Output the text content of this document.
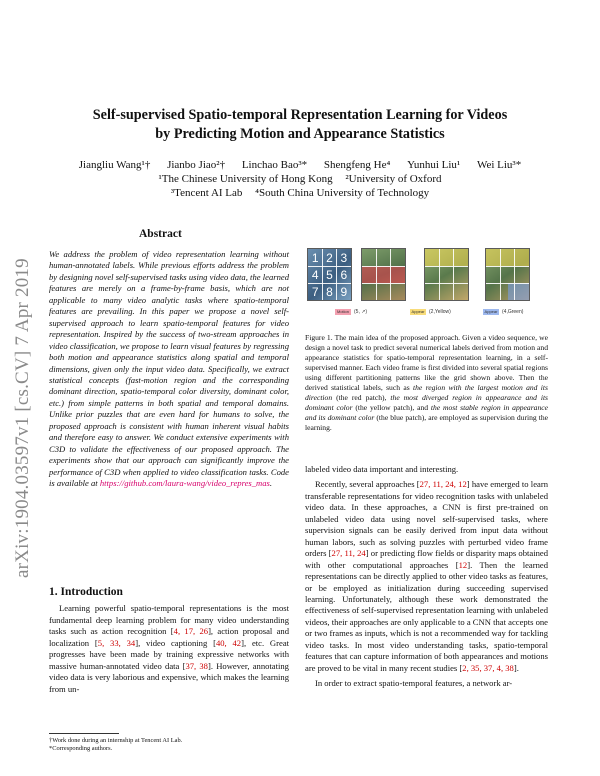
arXiv:1904.03597v1 [cs.CV] 7 Apr 2019
Self-supervised Spatio-temporal Representation Learning for Videos
by Predicting Motion and Appearance Statistics
Jiangliu Wang¹† Jianbo Jiao²† Linchao Bao³* Shengfeng He⁴ Yunhui Liu¹ Wei Liu³*
¹The Chinese University of Hong Kong ²University of Oxford
³Tencent AI Lab ⁴South China University of Technology
Abstract
We address the problem of video representation learning without human-annotated labels. While previous efforts address the problem by designing novel self-supervised tasks using video data, the learned features are merely on a frame-by-frame basis, which are not applicable to many video analytic tasks where spatio-temporal features are prevailing. In this paper we propose a novel self-supervised approach to learn spatio-temporal features for video representation. Inspired by the success of two-stream approaches in video classification, we propose to learn visual features by regressing both motion and appearance statistics along spatial and temporal dimensions, given only the input video data. Specifically, we extract statistical concepts (fast-motion region and the corresponding dominant direction, spatio-temporal color diversity, dominant color, etc.) from simple patterns in both spatial and temporal domains. Unlike prior puzzles that are even hard for humans to solve, the proposed approach is consistent with human inherent visual habits and therefore easy to answer. We conduct extensive experiments with C3D to validate the effectiveness of our proposed approach. The experiments show that our approach can significantly improve the performance of C3D when applied to video classification tasks. Code is available at https://github.com/laura-wang/video_repres_mas.
1. Introduction
Learning powerful spatio-temporal representations is the most fundamental deep learning problem for many video understanding tasks such as action recognition [4, 17, 26], action proposal and localization [5, 33, 34], video captioning [40, 42], etc. Great progresses have been made by training expressive networks with massive human-annotated video data [37, 38]. However, annotating video data is very laborious and expensive, which makes the learning from un-
†Work done during an internship at Tencent AI Lab.
*Corresponding authors.
1 2 3
4 5 6
7 8 9
Motion	(5, ↗)	Appear (2,Yellow)	Appear (4,Green)
Figure 1. The main idea of the proposed approach. Given a video sequence, we design a novel task to predict several numerical labels derived from motion and appearance statistics for spatio-temporal representation learning, in a self-supervised manner. Each video frame is first divided into several spatial regions using different partitioning patterns like the grid shown above. Then the derived statistical labels, such as the region with the largest motion and its direction (the red patch), the most diverged region in appearance and its dominant color (the yellow patch), and the most stable region in appearance and its dominant color (the blue patch), are employed as supervision during the learning.

labeled video data important and interesting.

Recently, several approaches [27, 11, 24, 12] have emerged to learn transferable representations for video recognition tasks with unlabeled video data. In these approaches, a CNN is first pre-trained on unlabeled video data using novel self-supervised tasks, where supervision signals can be easily derived from input data without human labors, such as solving puzzles with perturbed video frame orders [27, 11, 24] or predicting flow fields or disparity maps obtained with other computational approaches [12]. Then the learned representations can be directly applied to other video tasks as features, or be employed as initialization during succeeding supervised learning. Unfortunately, although these work demonstrated the effectiveness of self-supervised representation learning with unlabeled videos, their approaches are only applicable to a CNN that accepts one or two frames as inputs, which is not a recommended way for tackling video tasks. In most video understanding tasks, spatio-temporal features that can capture information of both appearances and motions are proved to be vital in many recent studies [2, 35, 37, 4, 38].

In order to extract spatio-temporal features, a network ar-
